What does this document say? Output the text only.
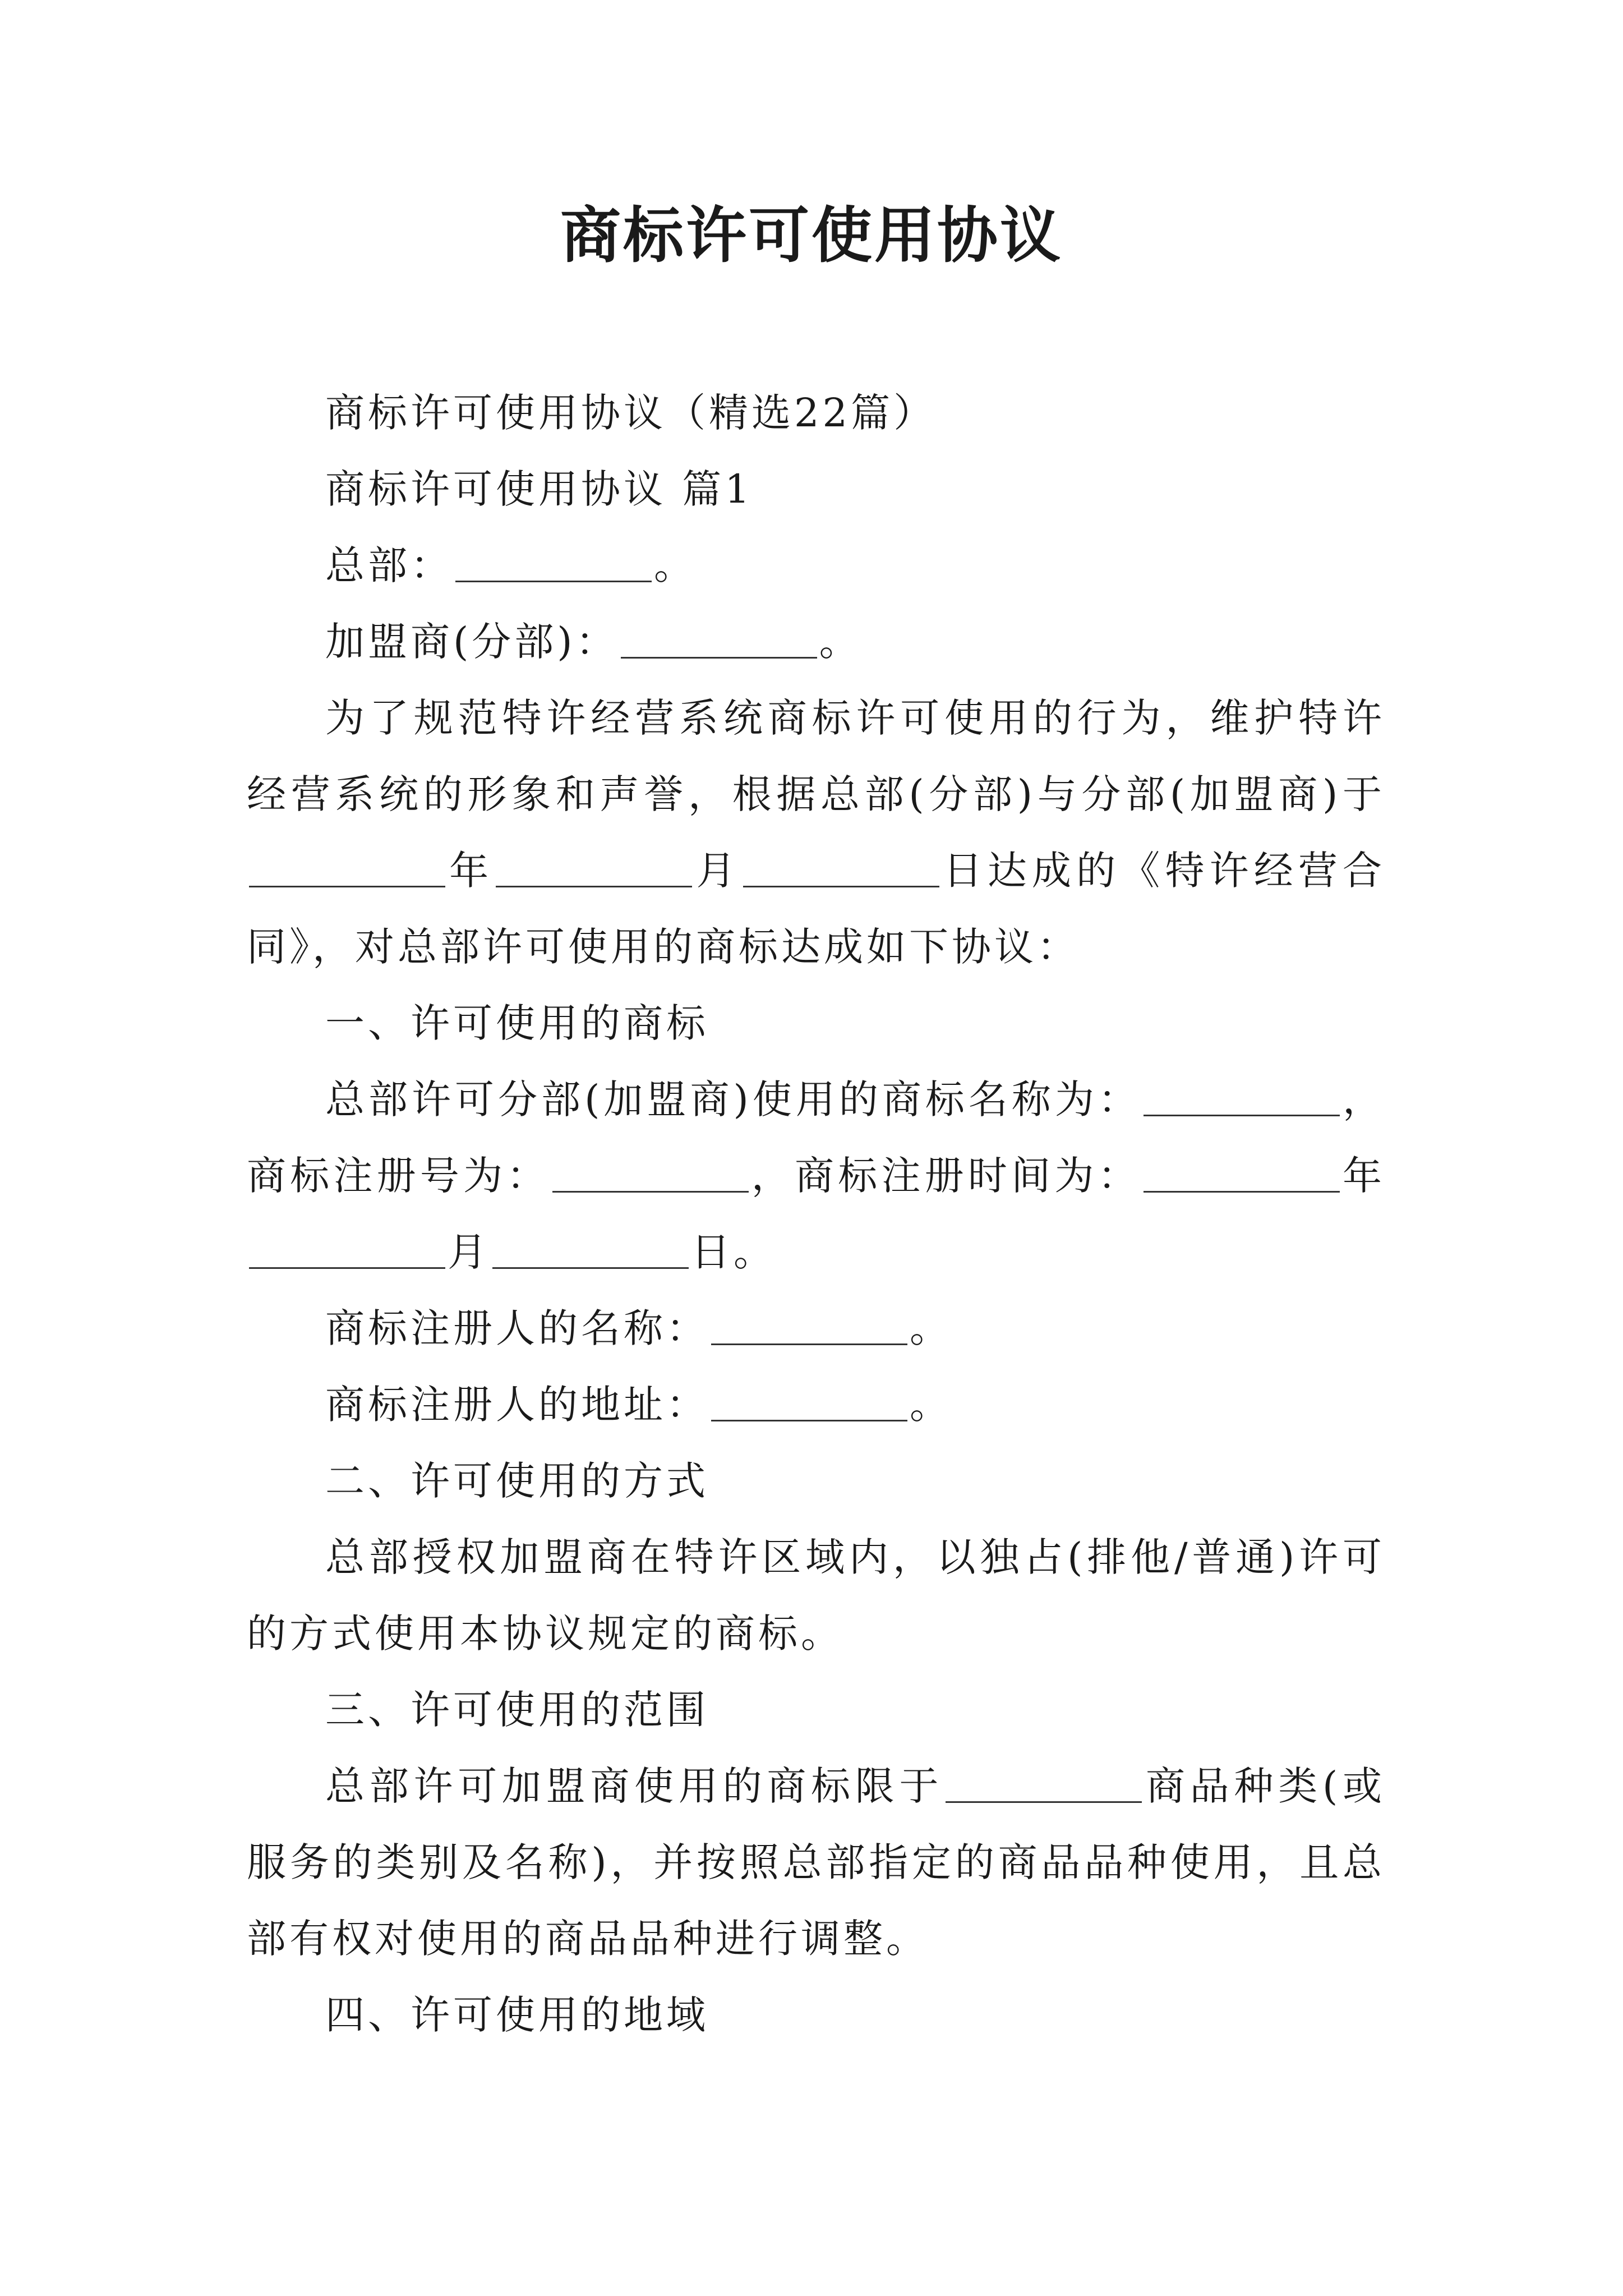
商标许可使用协议

商标许可使用协议（精选22篇）

商标许可使用协议 篇1

总部：	。

加盟商(分部)：	。

为了规范特许经营系统商标许可使用的行为，维护特许经营系统的形象和声誉，根据总部(分部)与分部(加盟商)于
年	月	日达成的《特许经营合同》，对总部许可使用的商标达成如下协议：

一、许可使用的商标

总部许可分部(加盟商)使用的商标名称为：	，商标注册号为：	，商标注册时间为：	年
月	日。

商标注册人的名称：	。

商标注册人的地址：	。

二、许可使用的方式

总部授权加盟商在特许区域内，以独占(排他/普通)许可的方式使用本协议规定的商标。

三、许可使用的范围

总部许可加盟商使用的商标限于	商品种类(或服务的类别及名称)，并按照总部指定的商品品种使用，且总部有权对使用的商品品种进行调整。

四、许可使用的地域
